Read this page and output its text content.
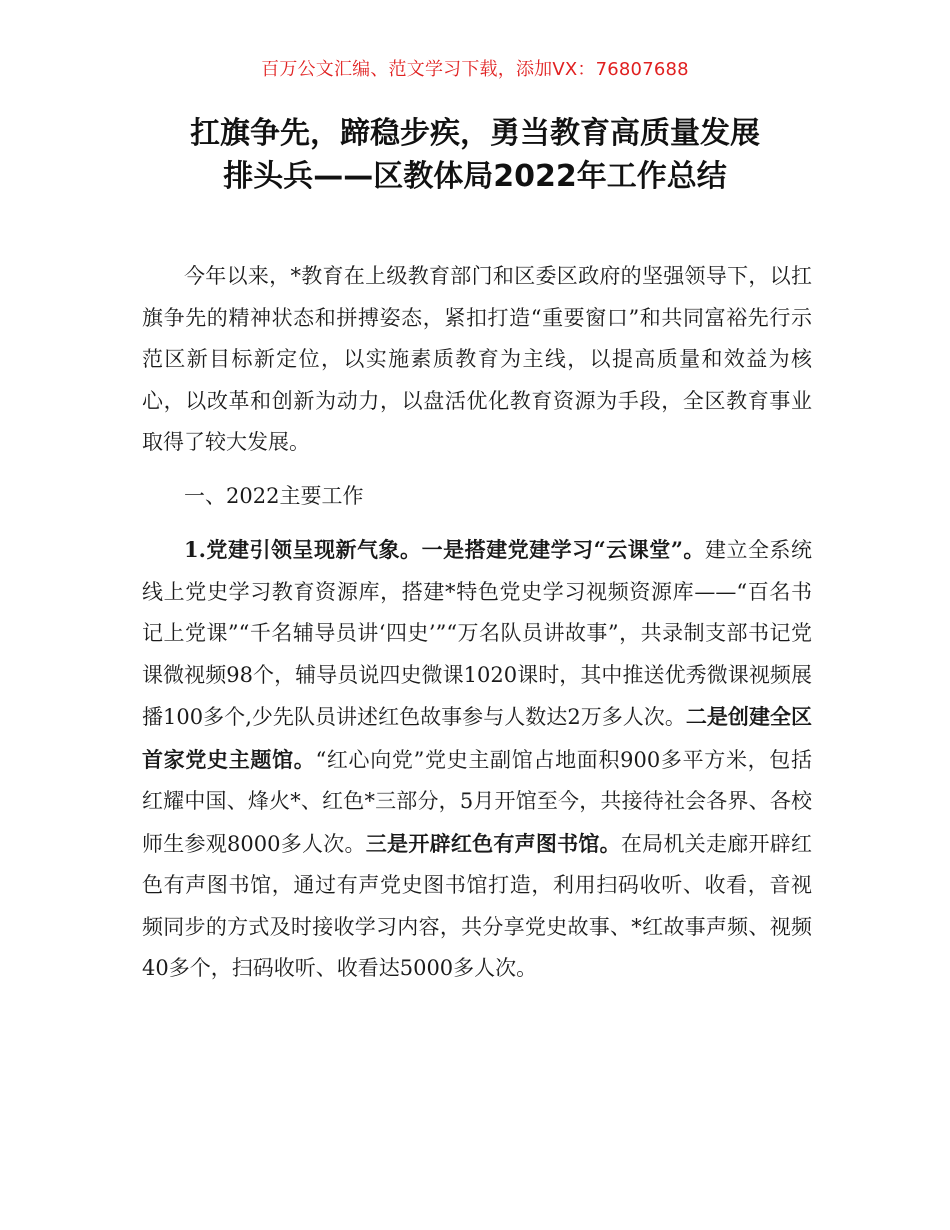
百万公文汇编、范文学习下载，添加VX：76807688
扛旗争先，蹄稳步疾，勇当教育高质量发展
排头兵——区教体局2022年工作总结

今年以来，*教育在上级教育部门和区委区政府的坚强领导下，以扛旗争先的精神状态和拼搏姿态，紧扣打造“重要窗口”和共同富裕先行示范区新目标新定位，以实施素质教育为主线，以提高质量和效益为核心，以改革和创新为动力，以盘活优化教育资源为手段，全区教育事业取得了较大发展。

一、2022主要工作

1.党建引领呈现新气象。一是搭建党建学习“云课堂”。建立全系统线上党史学习教育资源库，搭建*特色党史学习视频资源库——“百名书记上党课”“千名辅导员讲‘四史’”“万名队员讲故事”，共录制支部书记党课微视频98个，辅导员说四史微课1020课时，其中推送优秀微课视频展播100多个,少先队员讲述红色故事参与人数达2万多人次。二是创建全区首家党史主题馆。“红心向党”党史主副馆占地面积900多平方米，包括红耀中国、烽火*、红色*三部分，5月开馆至今，共接待社会各界、各校师生参观8000多人次。三是开辟红色有声图书馆。在局机关走廊开辟红色有声图书馆，通过有声党史图书馆打造，利用扫码收听、收看，音视频同步的方式及时接收学习内容，共分享党史故事、*红故事声频、视频40多个，扫码收听、收看达5000多人次。
